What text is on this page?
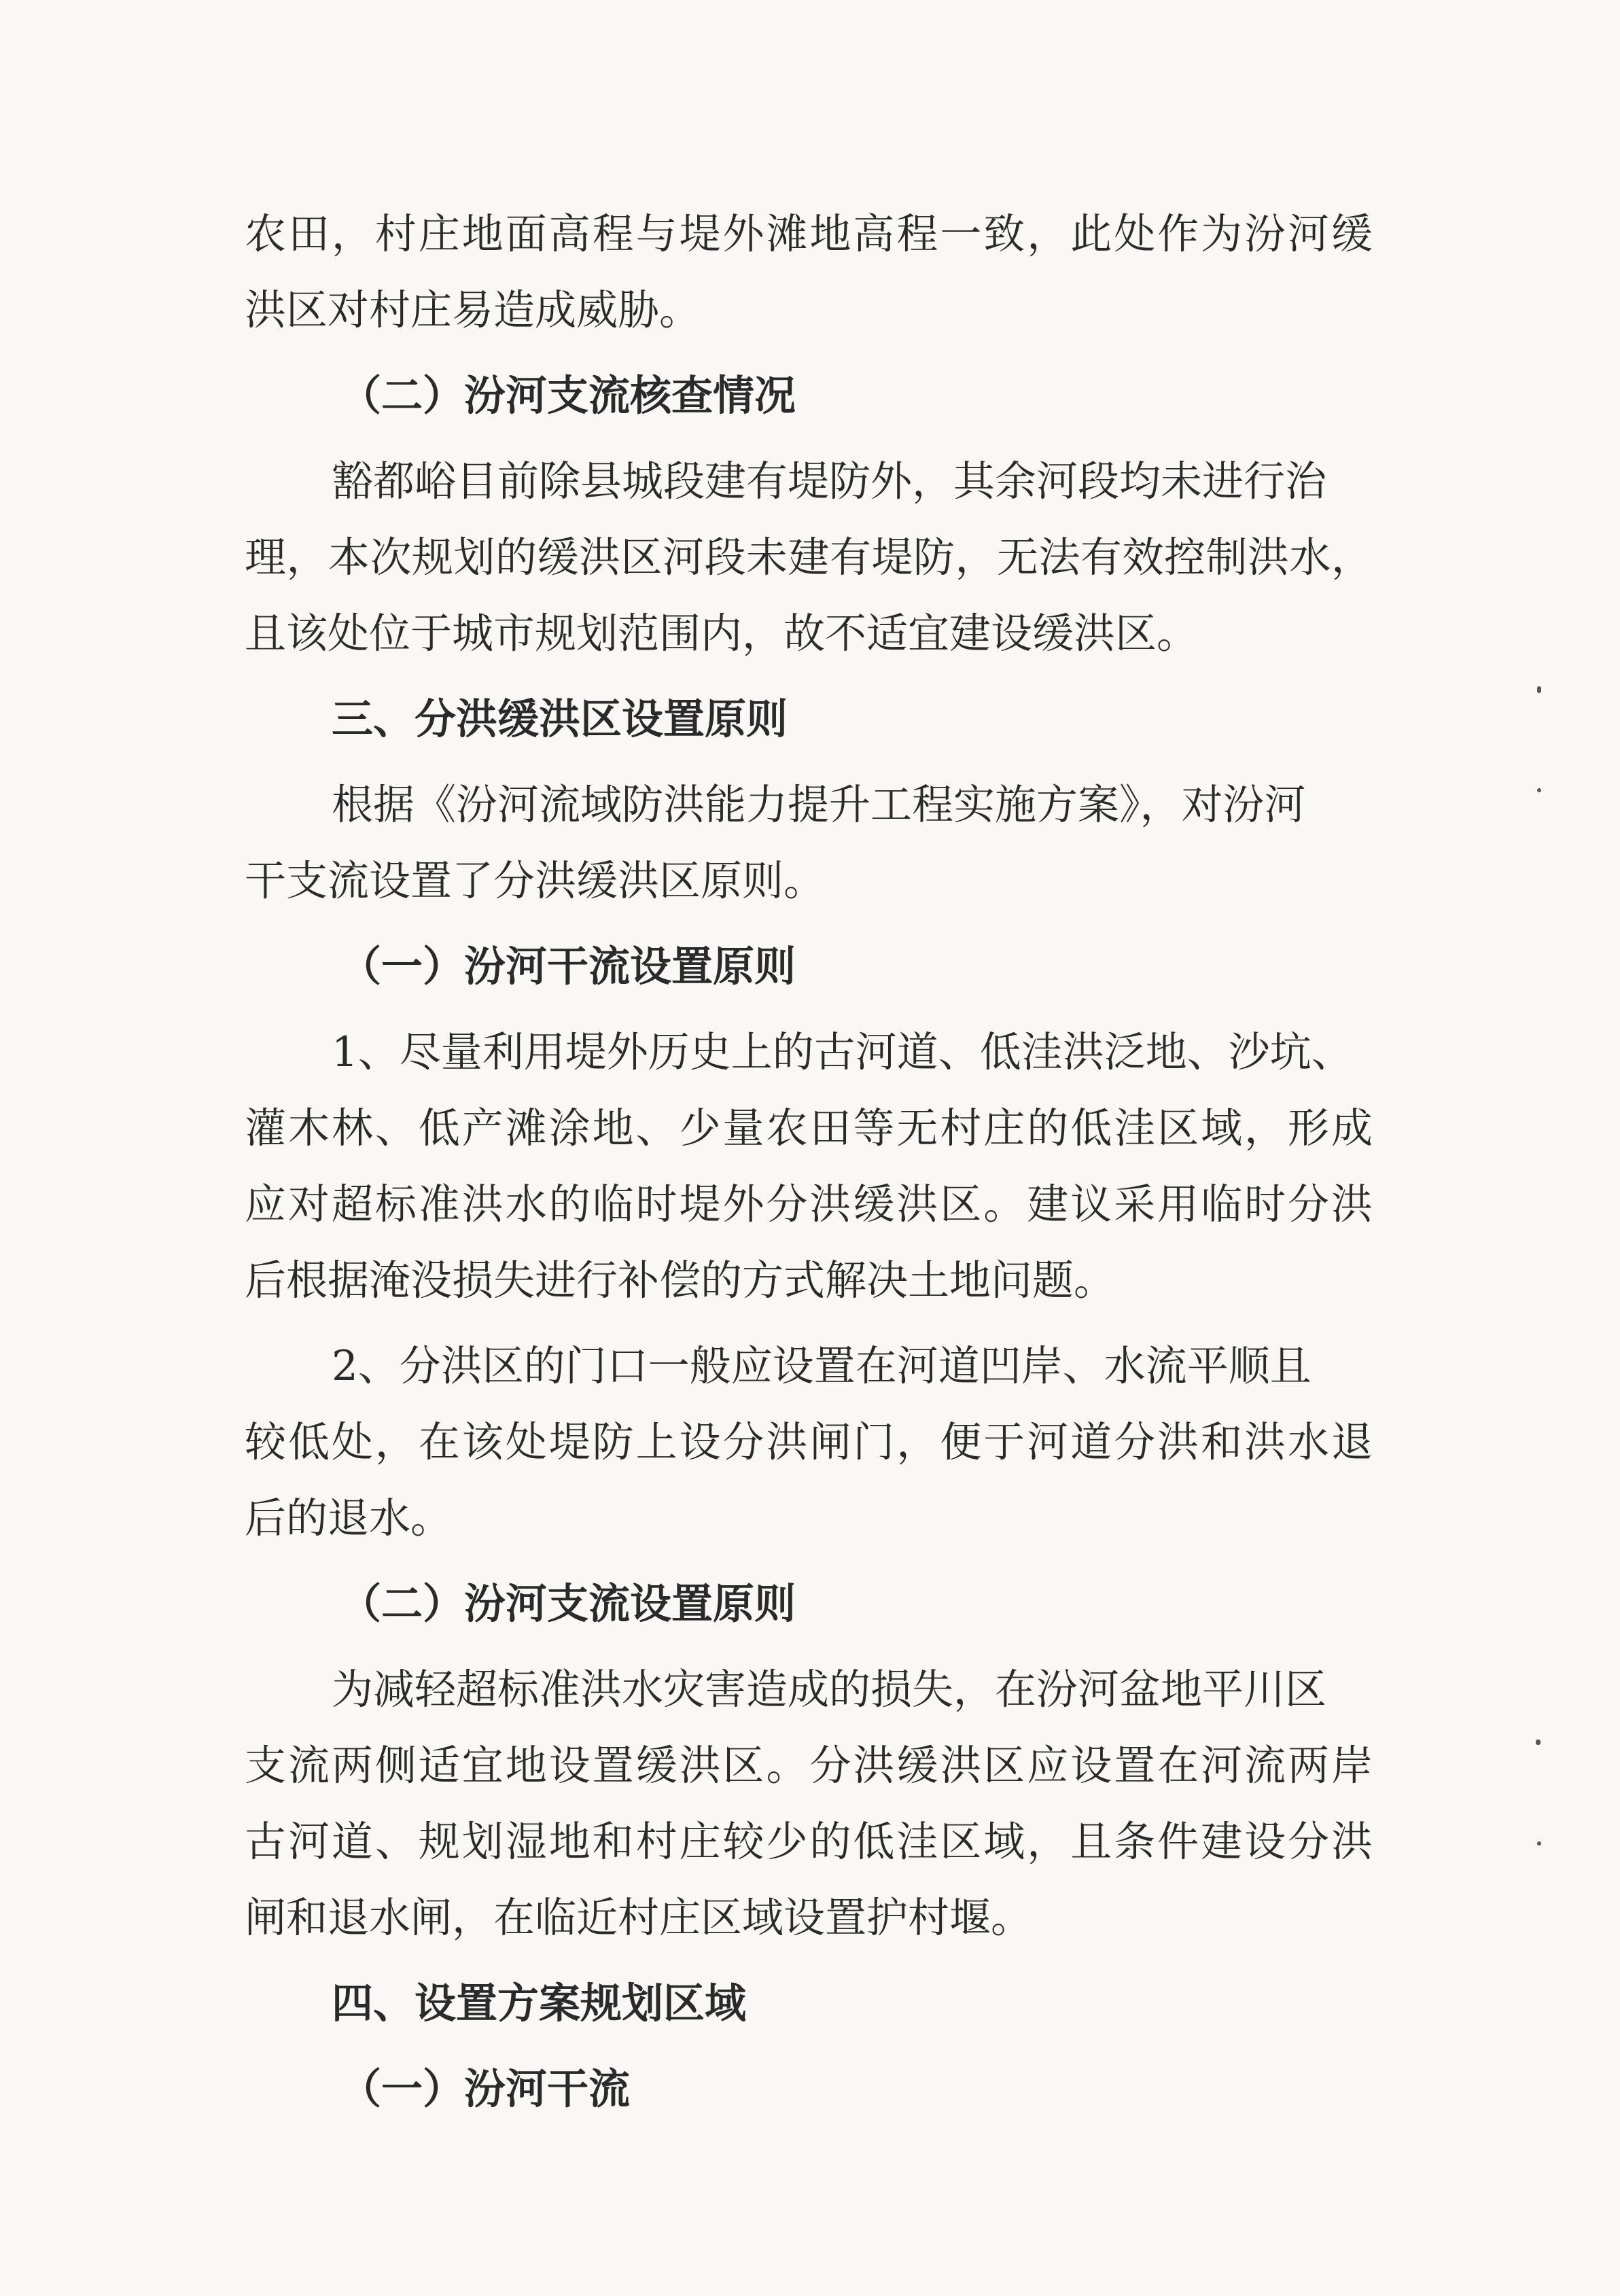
农田，村庄地面高程与堤外滩地高程一致，此处作为汾河缓
洪区对村庄易造成威胁。
（二）汾河支流核查情况
豁都峪目前除县城段建有堤防外，其余河段均未进行治
理，本次规划的缓洪区河段未建有堤防，无法有效控制洪水，
且该处位于城市规划范围内，故不适宜建设缓洪区。
三、分洪缓洪区设置原则
根据《汾河流域防洪能力提升工程实施方案》，对汾河
干支流设置了分洪缓洪区原则。
（一）汾河干流设置原则
1、尽量利用堤外历史上的古河道、低洼洪泛地、沙坑、
灌木林、低产滩涂地、少量农田等无村庄的低洼区域，形成
应对超标准洪水的临时堤外分洪缓洪区。建议采用临时分洪
后根据淹没损失进行补偿的方式解决土地问题。
2、分洪区的门口一般应设置在河道凹岸、水流平顺且
较低处，在该处堤防上设分洪闸门，便于河道分洪和洪水退
后的退水。
（二）汾河支流设置原则
为减轻超标准洪水灾害造成的损失，在汾河盆地平川区
支流两侧适宜地设置缓洪区。分洪缓洪区应设置在河流两岸
古河道、规划湿地和村庄较少的低洼区域，且条件建设分洪
闸和退水闸，在临近村庄区域设置护村堰。
四、设置方案规划区域
（一）汾河干流
